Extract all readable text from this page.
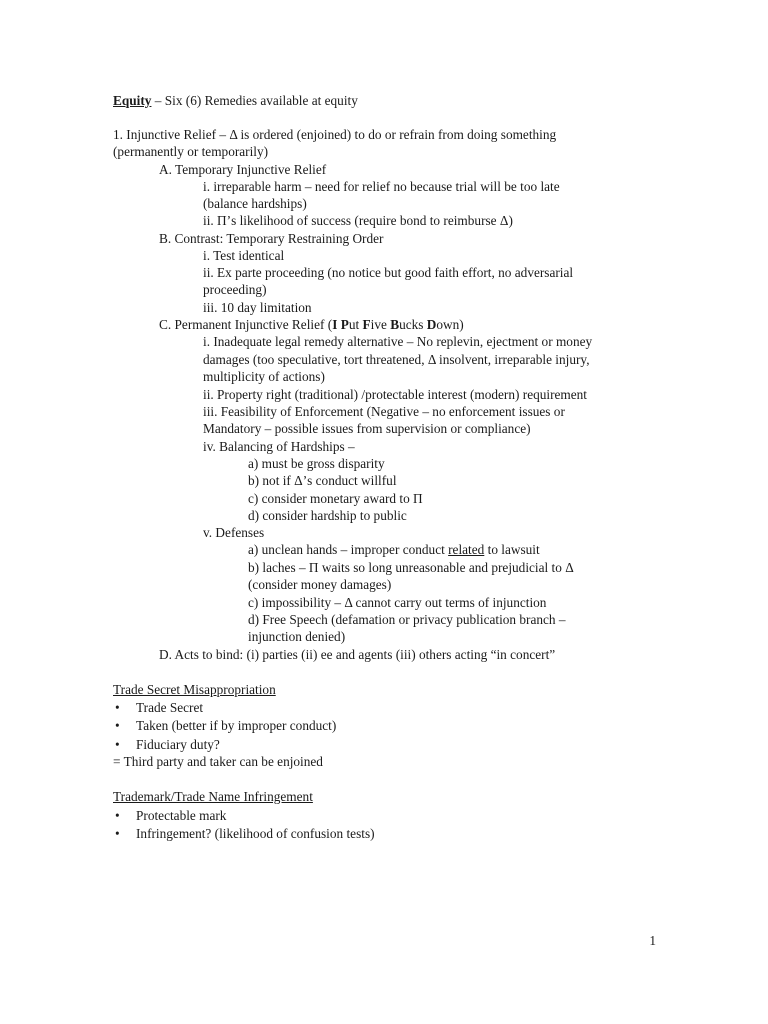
Equity – Six (6) Remedies available at equity
1. Injunctive Relief – Δ is ordered (enjoined) to do or refrain from doing something
(permanently or temporarily)
A. Temporary Injunctive Relief
i. irreparable harm – need for relief no because trial will be too late
(balance hardships)
ii. Π’s likelihood of success (require bond to reimburse Δ)
B. Contrast: Temporary Restraining Order
i. Test identical
ii. Ex parte proceeding (no notice but good faith effort, no adversarial
proceeding)
iii. 10 day limitation
C. Permanent Injunctive Relief (I Put Five Bucks Down)
i. Inadequate legal remedy alternative – No replevin, ejectment or money
damages (too speculative, tort threatened, Δ insolvent, irreparable injury,
multiplicity of actions)
ii. Property right (traditional) /protectable interest (modern) requirement
iii. Feasibility of Enforcement (Negative – no enforcement issues or
Mandatory – possible issues from supervision or compliance)
iv. Balancing of Hardships –
a) must be gross disparity
b) not if Δ’s conduct willful
c) consider monetary award to Π
d) consider hardship to public
v. Defenses
a) unclean hands – improper conduct related to lawsuit
b) laches – Π waits so long unreasonable and prejudicial to Δ
(consider money damages)
c) impossibility – Δ cannot carry out terms of injunction
d) Free Speech (defamation or privacy publication branch –
injunction denied)
D. Acts to bind: (i) parties (ii) ee and agents (iii) others acting “in concert”
Trade Secret Misappropriation
• Trade Secret
• Taken (better if by improper conduct)
• Fiduciary duty?
= Third party and taker can be enjoined
Trademark/Trade Name Infringement
• Protectable mark
• Infringement? (likelihood of confusion tests)
1
